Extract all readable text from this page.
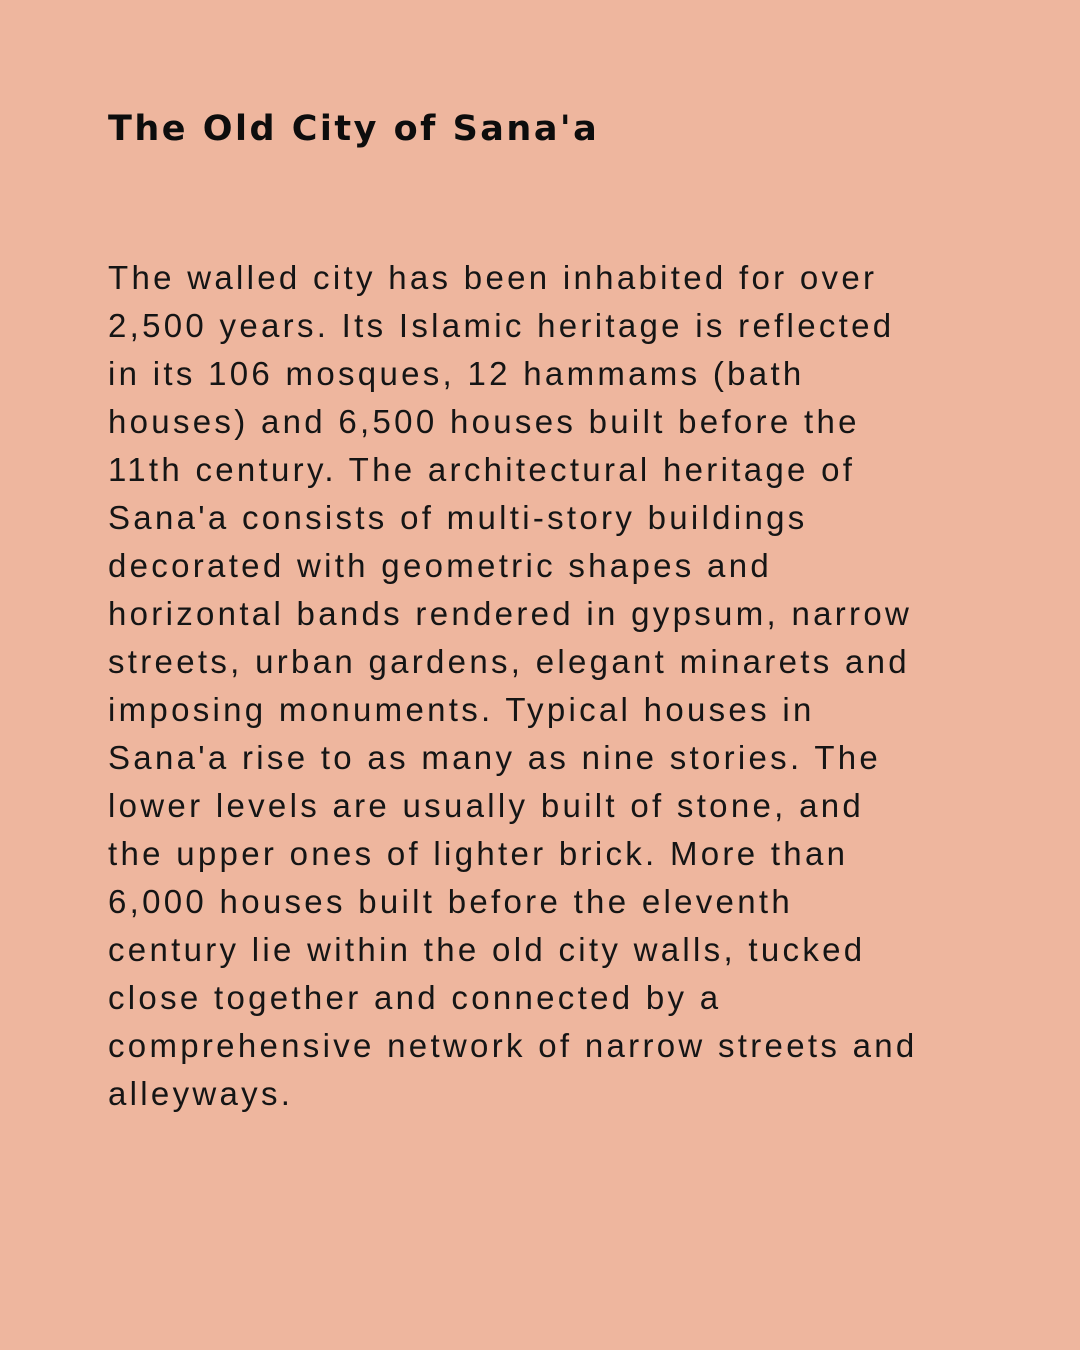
The Old City of Sana'a
The walled city has been inhabited for over
2,500 years. Its Islamic heritage is reflected
in its 106 mosques, 12 hammams (bath
houses) and 6,500 houses built before the
11th century. The architectural heritage of
Sana'a consists of multi-story buildings
decorated with geometric shapes and
horizontal bands rendered in gypsum, narrow
streets, urban gardens, elegant minarets and
imposing monuments. Typical houses in
Sana'a rise to as many as nine stories. The
lower levels are usually built of stone, and
the upper ones of lighter brick. More than
6,000 houses built before the eleventh
century lie within the old city walls, tucked
close together and connected by a
comprehensive network of narrow streets and
alleyways.
